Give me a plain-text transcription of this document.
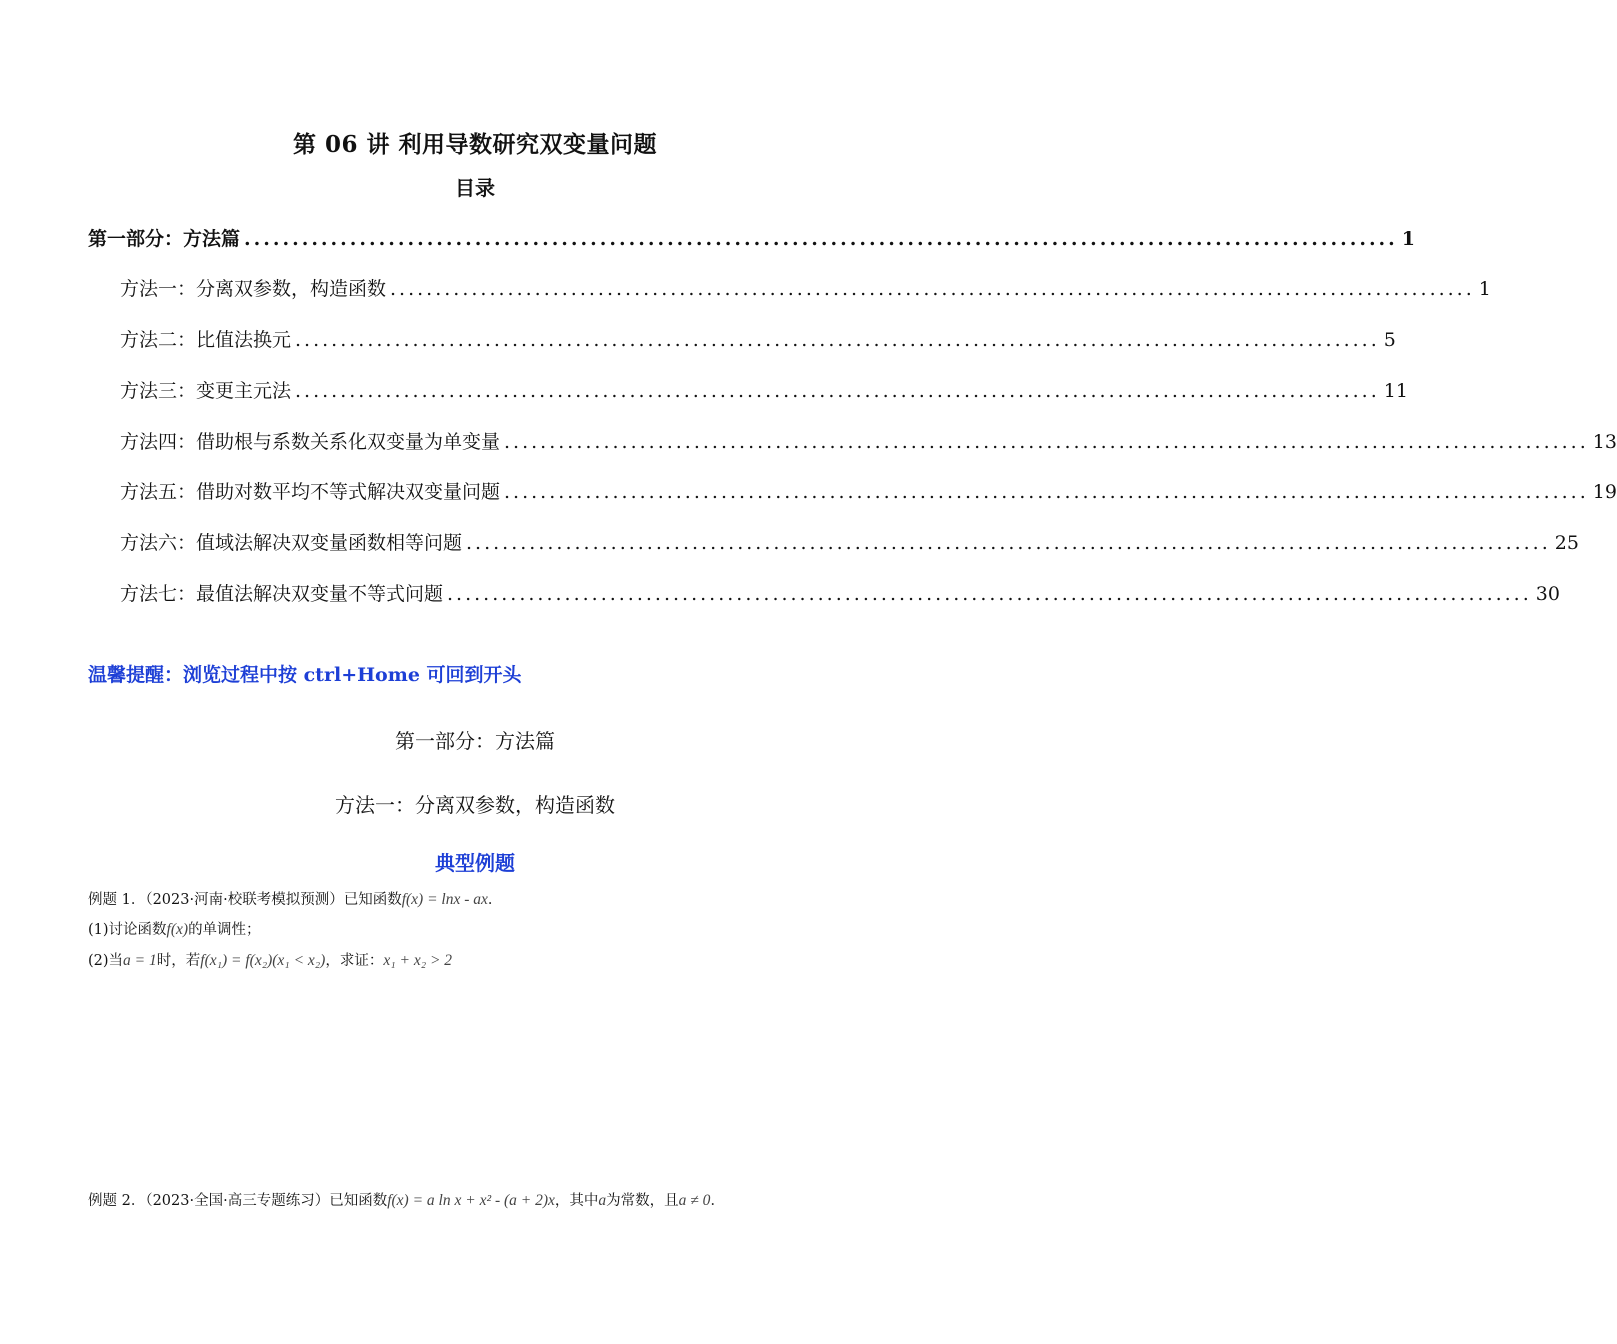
第 06 讲 利用导数研究双变量问题
目录
第一部分：方法篇 ........................................................................................................................ 1
方法一：分离双参数，构造函数 ........................................................................................................................ 1
方法二：比值法换元 ........................................................................................................................ 5
方法三：变更主元法 ........................................................................................................................ 11
方法四：借助根与系数关系化双变量为单变量 ........................................................................................................................ 13
方法五：借助对数平均不等式解决双变量问题 ........................................................................................................................ 19
方法六：值域法解决双变量函数相等问题 ........................................................................................................................ 25
方法七：最值法解决双变量不等式问题 ........................................................................................................................ 30
温馨提醒：浏览过程中按 ctrl+Home 可回到开头
第一部分：方法篇
方法一：分离双参数，构造函数
典型例题
例题 1．（2023·河南·校联考模拟预测）已知函数f(x) = lnx - ax．
(1)讨论函数f(x)的单调性；
(2)当a = 1时，若f(x₁) = f(x₂)(x₁ < x₂)，求证：x₁ + x₂ > 2
例题 2．（2023·全国·高三专题练习）已知函数f(x) = a ln x + x² - (a + 2)x，其中a为常数，且a ≠ 0．
